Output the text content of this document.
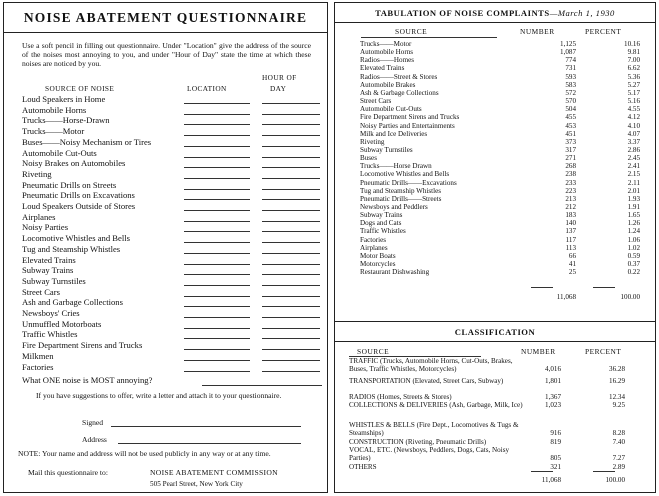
NOISE ABATEMENT QUESTIONNAIRE
Use a soft pencil in filling out questionnaire. Under "Location" give the address of the source of the noises most annoying to you, and under "Hour of Day" state the time at which these noises are noticed by you.
SOURCE OF NOISE	LOCATION
HOUR OF
DAY
Loud Speakers in Home
Automobile Horns
Trucks——Horse-Drawn
Trucks——Motor
Buses——Noisy Mechanism or Tires
Automobile Cut-Outs
Noisy Brakes on Automobiles
Riveting
Pneumatic Drills on Streets
Pneumatic Drills on Excavations
Loud Speakers Outside of Stores
Airplanes
Noisy Parties
Locomotive Whistles and Bells
Tug and Steamship Whistles
Elevated Trains
Subway Trains
Subway Turnstiles
Street Cars
Ash and Garbage Collections
Newsboys' Cries
Unmuffled Motorboats
Traffic Whistles
Fire Department Sirens and Trucks
Milkmen
Factories
What ONE noise is MOST annoying?
If you have suggestions to offer, write a letter and attach it to your questionnaire.
Signed
Address
NOTE: Your name and address will not be used publicly in any way or at any time.
Mail this questionnaire to:	NOISE ABATEMENT COMMISSION
505 Pearl Street, New York City
TABULATION OF NOISE COMPLAINTS—March 1, 1930
SOURCE	NUMBER	PERCENT
Trucks——Motor	1,125	10.16
Automobile Horns	1,087	9.81
Radios——Homes	774	7.00
Elevated Trains	731	6.62
Radios——Street & Stores	593	5.36
Automobile Brakes	583	5.27
Ash & Garbage Collections	572	5.17
Street Cars	570	5.16
Automobile Cut-Outs	504	4.55
Fire Department Sirens and Trucks	455	4.12
Noisy Parties and Entertainments	453	4.10
Milk and Ice Deliveries	451	4.07
Riveting	373	3.37
Subway Turnstiles	317	2.86
Buses	271	2.45
Trucks——Horse Drawn	268	2.41
Locomotive Whistles and Bells	238	2.15
Pneumatic Drills——Excavations	233	2.11
Tug and Steamship Whistles	223	2.01
Pneumatic Drills——Streets	213	1.93
Newsboys and Peddlers	212	1.91
Subway Trains	183	1.65
Dogs and Cats	140	1.26
Traffic Whistles	137	1.24
Factories	117	1.06
Airplanes	113	1.02
Motor Boats	66	0.59
Motorcycles	41	0.37
Restaurant Dishwashing	25	0.22
11,068	100.00
CLASSIFICATION
SOURCE	NUMBER	PERCENT
TRAFFIC (Trucks, Automobile Horns, Cut-Outs, Brakes, Buses, Traffic Whistles, Motorcycles)	4,016	36.28
TRANSPORTATION (Elevated, Street Cars, Subway)	1,801	16.29
RADIOS (Homes, Streets & Stores)	1,367	12.34
COLLECTIONS & DELIVERIES (Ash, Garbage, Milk, Ice)	1,023	9.25
WHISTLES & BELLS (Fire Dept., Locomotives & Tugs & Steamships)	916	8.28
CONSTRUCTION (Riveting, Pneumatic Drills)	819	7.40
VOCAL, ETC. (Newsboys, Peddlers, Dogs, Cats, Noisy Parties)	805	7.27
OTHERS	321	2.89
11,068	100.00
